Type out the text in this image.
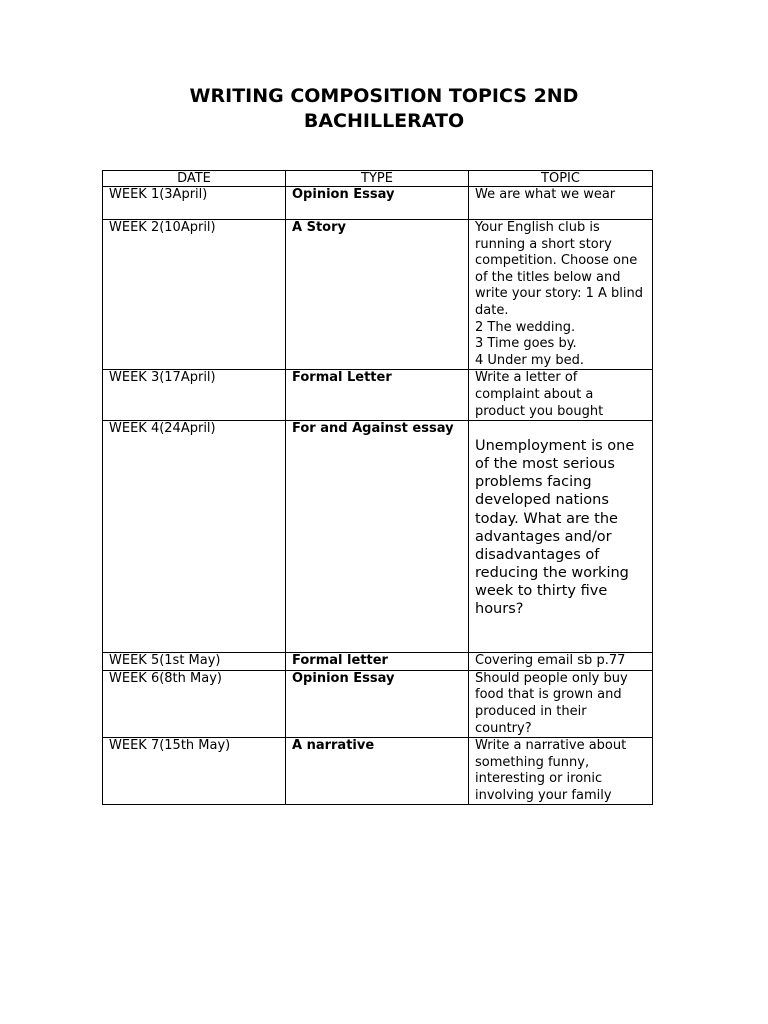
WRITING COMPOSITION TOPICS 2ND
BACHILLERATO
DATE	TYPE	TOPIC
WEEK 1(3April)	Opinion Essay	We are what we wear
WEEK 2(10April)	A Story	Your English club is running a short story competition. Choose one of the titles below and write your story: 1 A blind date.
2 The wedding.
3 Time goes by.
4 Under my bed.
WEEK 3(17April)	Formal Letter	Write a letter of complaint about a product you bought
WEEK 4(24April)	For and Against essay	Unemployment is one of the most serious problems facing developed nations today. What are the advantages and/or disadvantages of reducing the working week to thirty five hours?

WEEK 5(1st May)	Formal letter	Covering email sb p.77
WEEK 6(8th May)	Opinion Essay	Should people only buy food that is grown and produced in their country?
WEEK 7(15th May)	A narrative	Write a narrative about something funny, interesting or ironic involving your family
